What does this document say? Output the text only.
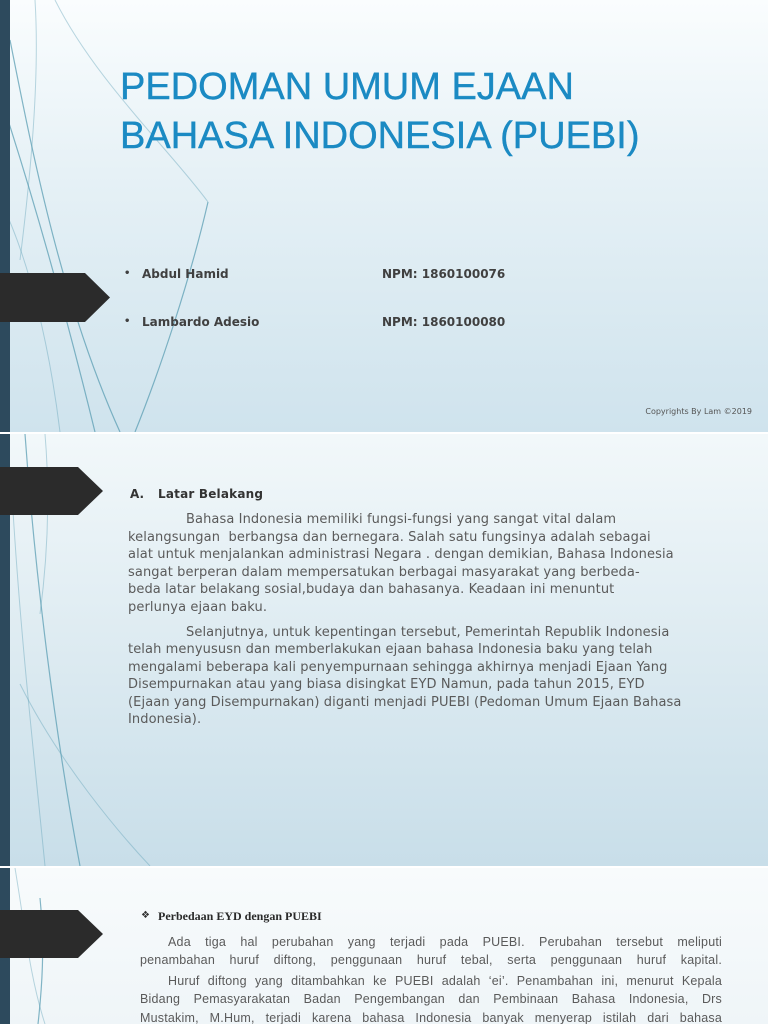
PEDOMAN UMUM EJAAN
BAHASA INDONESIA (PUEBI)
• Abdul Hamid	NPM: 1860100076
• Lambardo Adesio	NPM: 1860100080
Copyrights By Lam ©2019
A. Latar Belakang
Bahasa Indonesia memiliki fungsi-fungsi yang sangat vital dalam
kelangsungan  berbangsa dan bernegara. Salah satu fungsinya adalah sebagai
alat untuk menjalankan administrasi Negara . dengan demikian, Bahasa Indonesia
sangat berperan dalam mempersatukan berbagai masyarakat yang berbeda-
beda latar belakang sosial,budaya dan bahasanya. Keadaan ini menuntut
perlunya ejaan baku.
Selanjutnya, untuk kepentingan tersebut, Pemerintah Republik Indonesia
telah menyususn dan memberlakukan ejaan bahasa Indonesia baku yang telah
mengalami beberapa kali penyempurnaan sehingga akhirnya menjadi Ejaan Yang
Disempurnakan atau yang biasa disingkat EYD Namun, pada tahun 2015, EYD
(Ejaan yang Disempurnakan) diganti menjadi PUEBI (Pedoman Umum Ejaan Bahasa
Indonesia).
❖ Perbedaan EYD dengan PUEBI
Ada tiga hal perubahan yang terjadi pada PUEBI. Perubahan tersebut meliputi
penambahan huruf diftong, penggunaan huruf tebal, serta penggunaan huruf kapital.
Huruf diftong yang ditambahkan ke PUEBI adalah ‘ei’. Penambahan ini, menurut Kepala
Bidang Pemasyarakatan Badan Pengembangan dan Pembinaan Bahasa Indonesia, Drs
Mustakim, M.Hum, terjadi karena bahasa Indonesia banyak menyerap istilah dari bahasa
